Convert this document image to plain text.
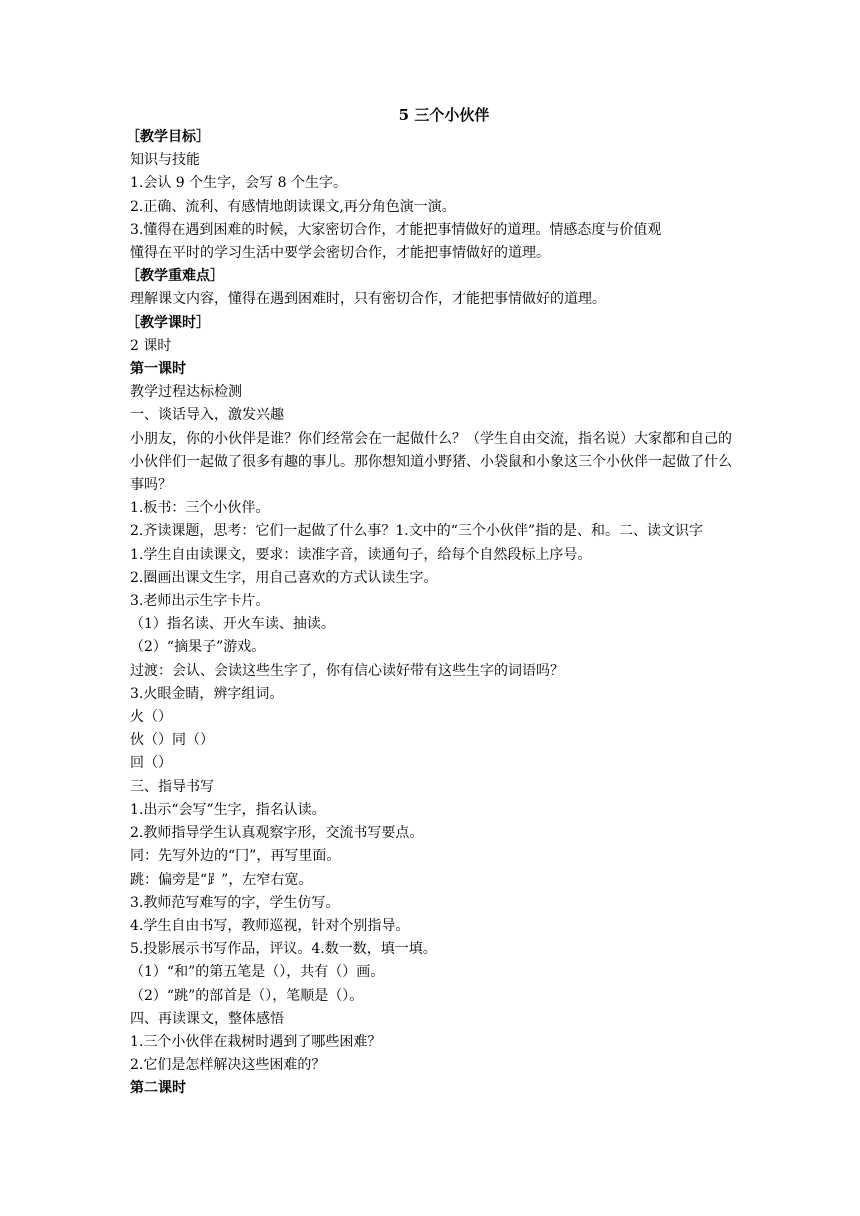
5 三个小伙伴

［教学目标］

知识与技能

1.会认 9 个生字，会写 8 个生字。

2.正确、流利、有感情地朗读课文,再分角色演一演。

3.懂得在遇到困难的时候，大家密切合作，才能把事情做好的道理。情感态度与价值观

懂得在平时的学习生活中要学会密切合作，才能把事情做好的道理。

［教学重难点］

理解课文内容，懂得在遇到困难时，只有密切合作，才能把事情做好的道理。

［教学课时］

2 课时

第一课时

教学过程达标检测

一、谈话导入，激发兴趣

小朋友，你的小伙伴是谁？你们经常会在一起做什么？（学生自由交流，指名说）大家都和自己的小伙伴们一起做了很多有趣的事儿。那你想知道小野猪、小袋鼠和小象这三个小伙伴一起做了什么事吗？

1.板书：三个小伙伴。

2.齐读课题，思考：它们一起做了什么事？1.文中的“三个小伙伴”指的是、和。二、读文识字

1.学生自由读课文，要求：读准字音，读通句子，给每个自然段标上序号。

2.圈画出课文生字，用自己喜欢的方式认读生字。

3.老师出示生字卡片。

（1）指名读、开火车读、抽读。

（2）“摘果子”游戏。

过渡：会认、会读这些生字了，你有信心读好带有这些生字的词语吗？

3.火眼金睛，辨字组词。

火（）

伙（）同（）

回（）

三、指导书写

1.出示“会写”生字，指名认读。

2.教师指导学生认真观察字形，交流书写要点。

同：先写外边的“冂”，再写里面。

跳：偏旁是“⻊”，左窄右宽。

3.教师范写难写的字，学生仿写。

4.学生自由书写，教师巡视，针对个别指导。

5.投影展示书写作品，评议。4.数一数，填一填。

（1）“和”的第五笔是（），共有（）画。

（2）“跳”的部首是（），笔顺是（）。

四、再读课文，整体感悟

1.三个小伙伴在栽树时遇到了哪些困难？

2.它们是怎样解决这些困难的？

第二课时
